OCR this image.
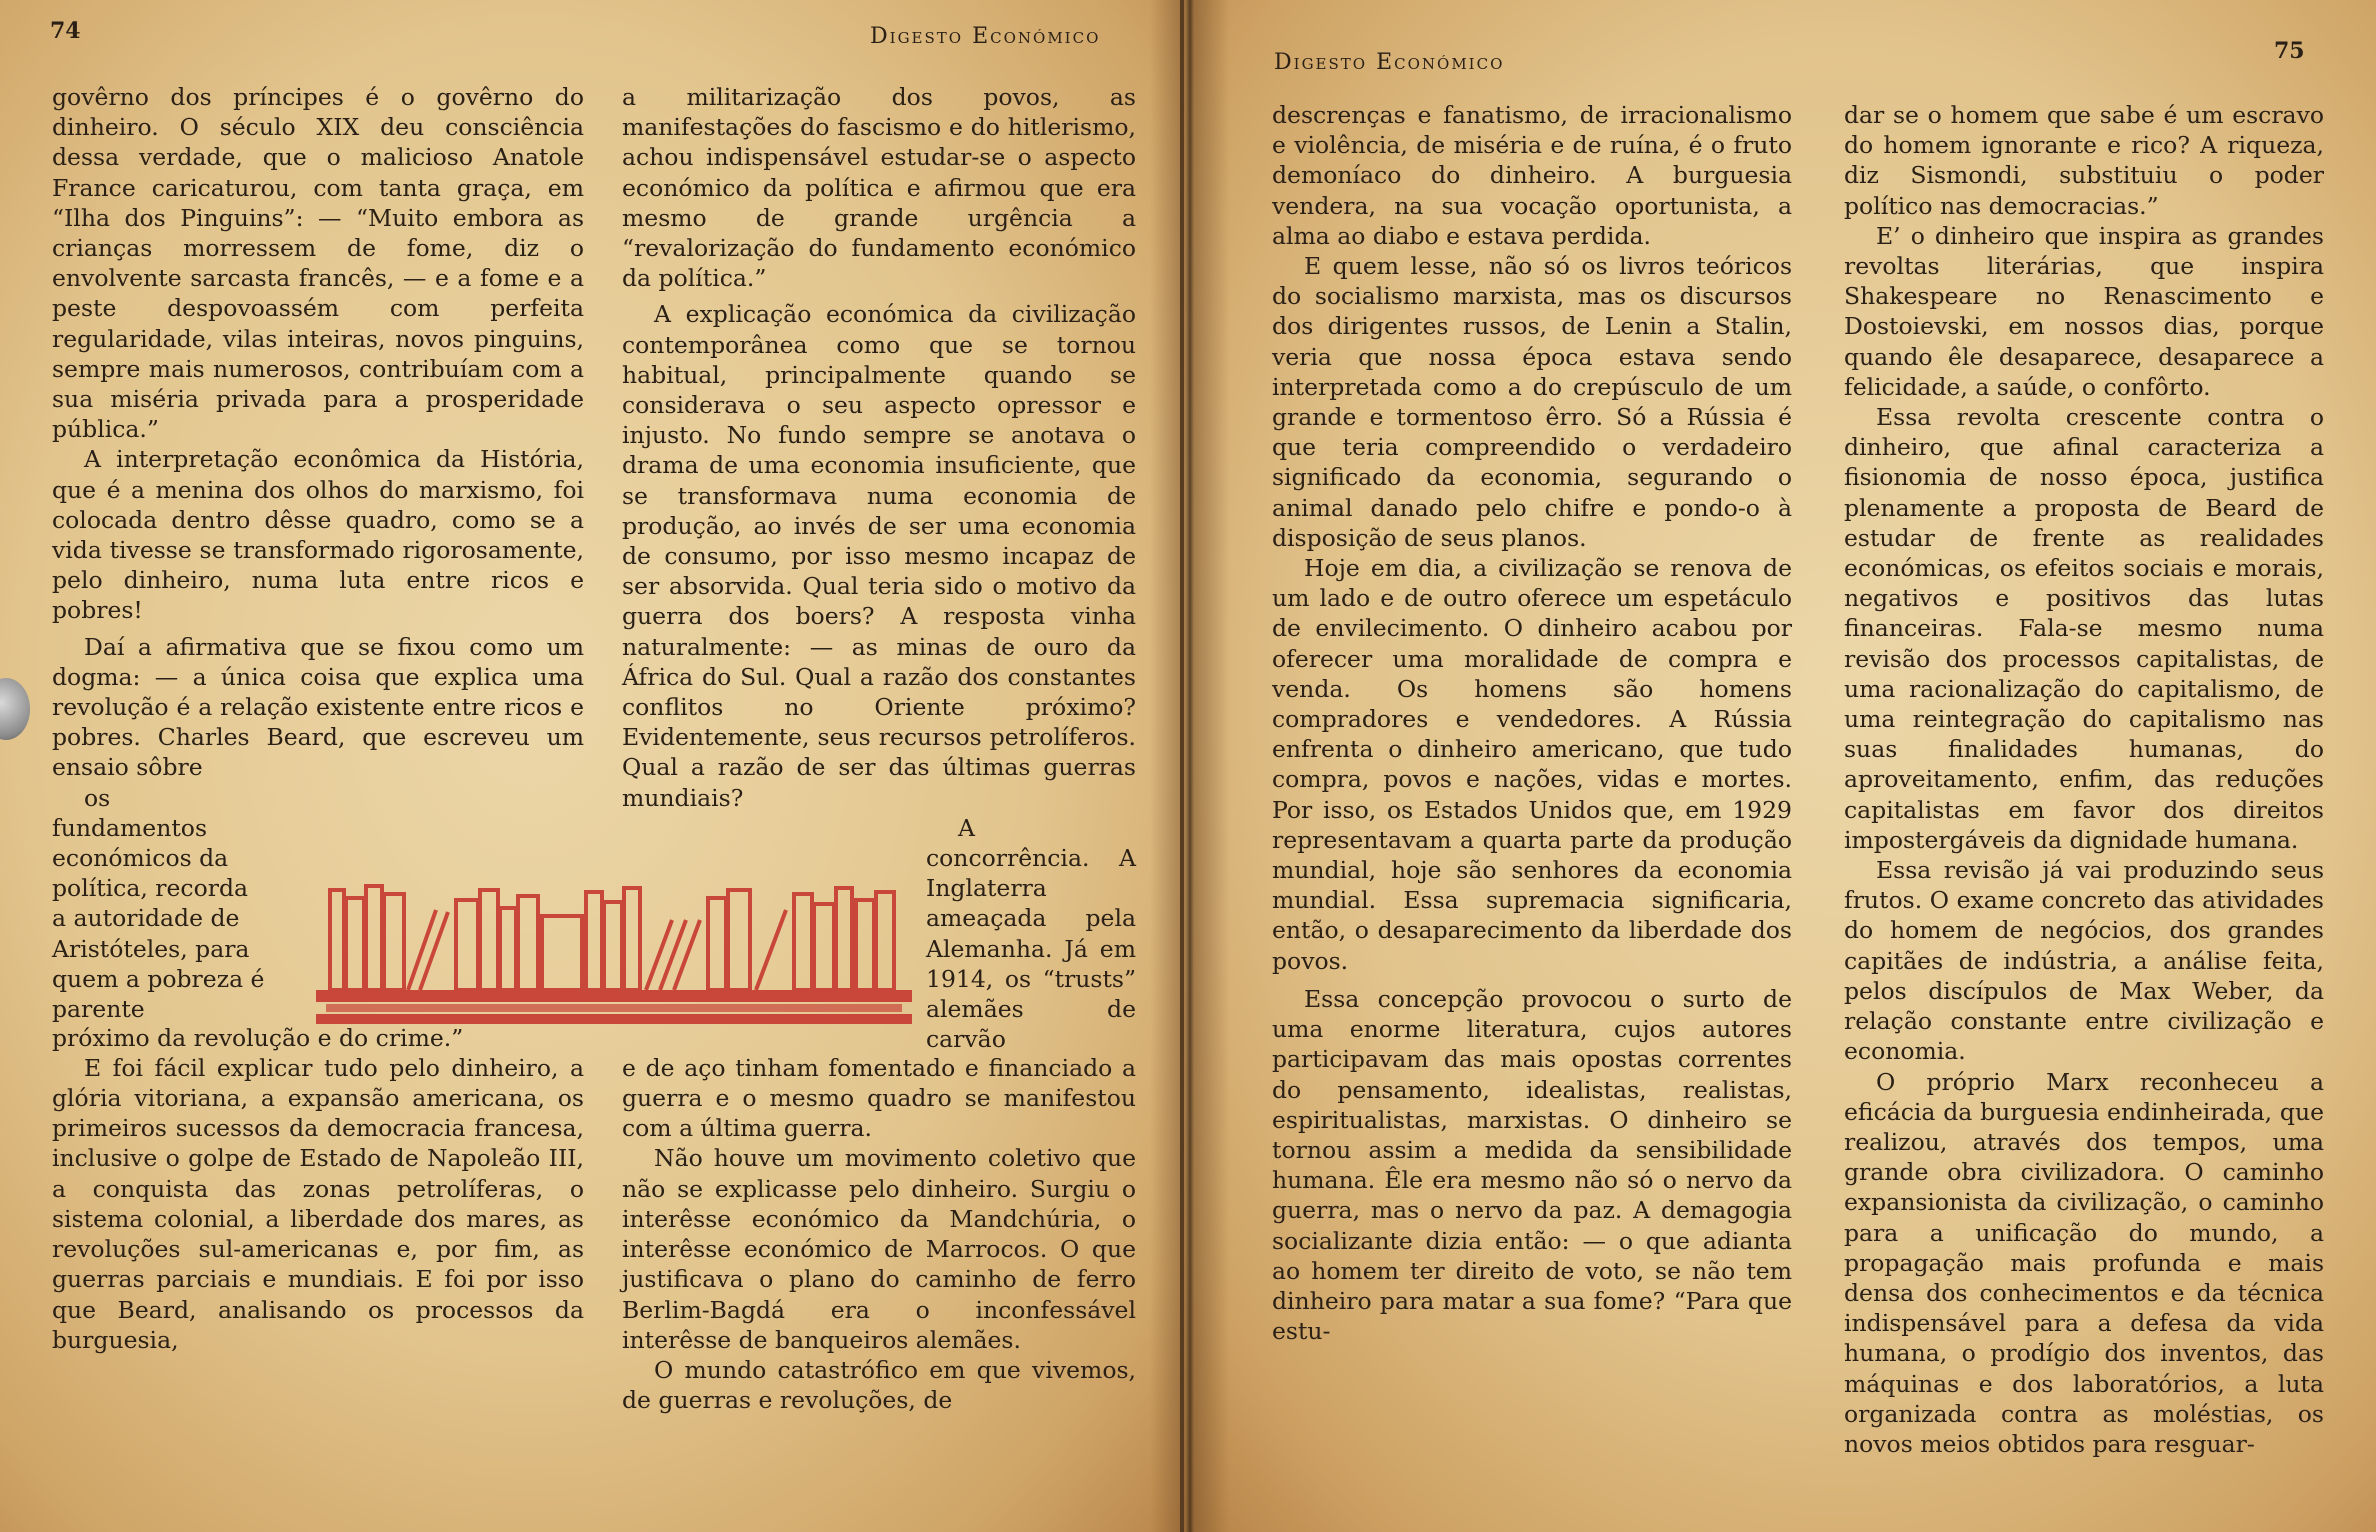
74	Digesto Económico

govêrno dos príncipes é o govêrno do dinheiro. O século XIX deu consciência dessa verdade, que o malicioso Anatole France caricaturou, com tanta graça, em “Ilha dos Pinguins”: — “Muito embora as crianças morressem de fome, diz o envolvente sarcasta francês, — e a fome e a peste despovoassém com perfeita regularidade, vilas inteiras, novos pinguins, sempre mais numerosos, contribuíam com a sua miséria privada para a prosperidade pública.”

A interpretação econômica da História, que é a menina dos olhos do marxismo, foi colocada dentro dêsse quadro, como se a vida tivesse se transformado rigorosamente, pelo dinheiro, numa luta entre ricos e pobres!

Daí a afirmativa que se fixou como um dogma: — a única coisa que explica uma revolução é a relação existente entre ricos e pobres. Charles Beard, que escreveu um ensaio sôbre

os fundamentos económicos da política, recorda a autoridade de Aristóteles, para quem a pobreza é parente

próximo da revolução e do crime.”

E foi fácil explicar tudo pelo dinheiro, a glória vitoriana, a expansão americana, os primeiros sucessos da democracia francesa, inclusive o golpe de Estado de Napoleão III, a conquista das zonas petrolíferas, o sistema colonial, a liberdade dos mares, as revoluções sul-americanas e, por fim, as guerras parciais e mundiais. E foi por isso que Beard, analisando os processos da burguesia,

a militarização dos povos, as manifestações do fascismo e do hitlerismo, achou indispensável estudar-se o aspecto económico da política e afirmou que era mesmo de grande urgência a “revalorização do fundamento económico da política.”

A explicação económica da civilização contemporânea como que se tornou habitual, principalmente quando se considerava o seu aspecto opressor e injusto. No fundo sempre se anotava o drama de uma economia insuficiente, que se transformava numa economia de produção, ao invés de ser uma economia de consumo, por isso mesmo incapaz de ser absorvida. Qual teria sido o motivo da guerra dos boers? A resposta vinha naturalmente: — as minas de ouro da África do Sul. Qual a razão dos constantes conflitos no Oriente próximo? Evidentemente, seus recursos petrolíferos. Qual a razão de ser das últimas guerras mundiais?

A concorrência. A Inglaterra ameaçada pela Alemanha. Já em 1914, os “trusts” alemães de carvão

e de aço tinham fomentado e financiado a guerra e o mesmo quadro se manifestou com a última guerra.

Não houve um movimento coletivo que não se explicasse pelo dinheiro. Surgiu o interêsse económico da Mandchúria, o interêsse económico de Marrocos. O que justificava o plano do caminho de ferro Berlim-Bagdá era o inconfessável interêsse de banqueiros alemães.

O mundo catastrófico em que vivemos, de guerras e revoluções, de

Digesto Económico	75

descrenças e fanatismo, de irracionalismo e violência, de miséria e de ruína, é o fruto demoníaco do dinheiro. A burguesia vendera, na sua vocação oportunista, a alma ao diabo e estava perdida.

E quem lesse, não só os livros teóricos do socialismo marxista, mas os discursos dos dirigentes russos, de Lenin a Stalin, veria que nossa época estava sendo interpretada como a do crepúsculo de um grande e tormentoso êrro. Só a Rússia é que teria compreendido o verdadeiro significado da economia, segurando o animal danado pelo chifre e pondo-o à disposição de seus planos.

Hoje em dia, a civilização se renova de um lado e de outro oferece um espetáculo de envilecimento. O dinheiro acabou por oferecer uma moralidade de compra e venda. Os homens são homens compradores e vendedores. A Rússia enfrenta o dinheiro americano, que tudo compra, povos e nações, vidas e mortes. Por isso, os Estados Unidos que, em 1929 representavam a quarta parte da produção mundial, hoje são senhores da economia mundial. Essa supremacia significaria, então, o desaparecimento da liberdade dos povos.

Essa concepção provocou o surto de uma enorme literatura, cujos autores participavam das mais opostas correntes do pensamento, idealistas, realistas, espiritualistas, marxistas. O dinheiro se tornou assim a medida da sensibilidade humana. Êle era mesmo não só o nervo da guerra, mas o nervo da paz. A demagogia socializante dizia então: — o que adianta ao homem ter direito de voto, se não tem dinheiro para matar a sua fome? “Para que estu-

dar se o homem que sabe é um escravo do homem ignorante e rico? A riqueza, diz Sismondi, substituiu o poder político nas democracias.”

E’ o dinheiro que inspira as grandes revoltas literárias, que inspira Shakespeare no Renascimento e Dostoievski, em nossos dias, porque quando êle desaparece, desaparece a felicidade, a saúde, o confôrto.

Essa revolta crescente contra o dinheiro, que afinal caracteriza a fisionomia de nosso época, justifica plenamente a proposta de Beard de estudar de frente as realidades económicas, os efeitos sociais e morais, negativos e positivos das lutas financeiras. Fala-se mesmo numa revisão dos processos capitalistas, de uma racionalização do capitalismo, de uma reintegração do capitalismo nas suas finalidades humanas, do aproveitamento, enfim, das reduções capitalistas em favor dos direitos impostergáveis da dignidade humana.

Essa revisão já vai produzindo seus frutos. O exame concreto das atividades do homem de negócios, dos grandes capitães de indústria, a análise feita, pelos discípulos de Max Weber, da relação constante entre civilização e economia.

O próprio Marx reconheceu a eficácia da burguesia endinheirada, que realizou, através dos tempos, uma grande obra civilizadora. O caminho expansionista da civilização, o caminho para a unificação do mundo, a propagação mais profunda e mais densa dos conhecimentos e da técnica indispensável para a defesa da vida humana, o prodígio dos inventos, das máquinas e dos laboratórios, a luta organizada contra as moléstias, os novos meios obtidos para resguar-
